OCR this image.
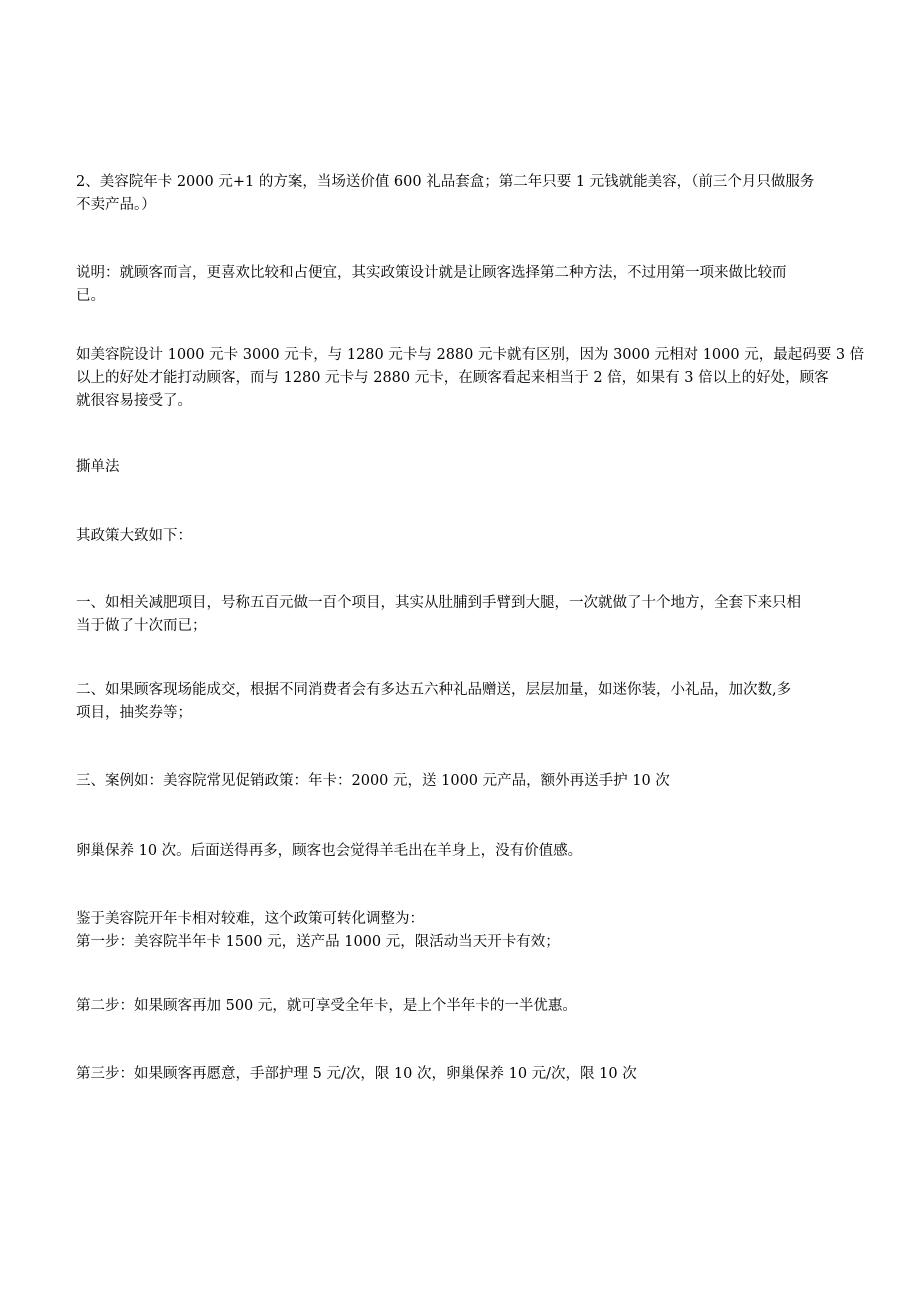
2、美容院年卡 2000 元+1 的方案，当场送价值 600 礼品套盒；第二年只要 1 元钱就能美容，（前三个月只做服务
不卖产品。）

说明：就顾客而言，更喜欢比较和占便宜，其实政策设计就是让顾客选择第二种方法，不过用第一项来做比较而
已。

如美容院设计 1000 元卡 3000 元卡，与 1280 元卡与 2880 元卡就有区别，因为 3000 元相对 1000 元，最起码要 3 倍
以上的好处才能打动顾客，而与 1280 元卡与 2880 元卡，在顾客看起来相当于 2 倍，如果有 3 倍以上的好处，顾客
就很容易接受了。

撕单法

其政策大致如下：

一、如相关减肥项目，号称五百元做一百个项目，其实从肚脯到手臂到大腿，一次就做了十个地方，全套下来只相
当于做了十次而已；

二、如果顾客现场能成交，根据不同消费者会有多达五六种礼品赠送，层层加量，如迷你装，小礼品，加次数,多
项目，抽奖券等；

三、案例如：美容院常见促销政策：年卡：2000 元，送 1000 元产品，额外再送手护 10 次

卵巢保养 10 次。后面送得再多，顾客也会觉得羊毛出在羊身上，没有价值感。

鉴于美容院开年卡相对较难，这个政策可转化调整为：
第一步：美容院半年卡 1500 元，送产品 1000 元，限活动当天开卡有效；

第二步：如果顾客再加 500 元，就可享受全年卡，是上个半年卡的一半优惠。

第三步：如果顾客再愿意，手部护理 5 元/次，限 10 次，卵巢保养 10 元/次，限 10 次
